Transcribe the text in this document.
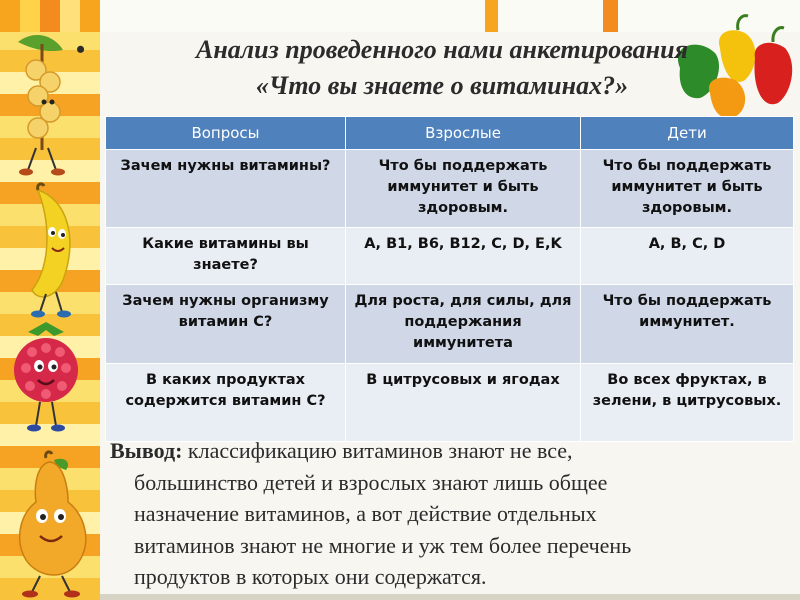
•	Анализ проведенного нами анкетирования
«Что вы знаете о витаминах?»
Вопросы	Взрослые	Дети
Зачем нужны витамины?	Что бы поддержать иммунитет и быть здоровым.	Что бы поддержать иммунитет и быть здоровым.
Какие витамины вы знаете?	А, В1, В6, В12, С, D, E,K	А, В, С, D
Зачем нужны организму витамин С?	Для роста, для силы, для поддержания иммунитета	Что бы поддержать иммунитет.
В каких продуктах содержится витамин С?	В цитрусовых и ягодах	Во всех фруктах, в зелени, в цитрусовых.

Вывод: классификацию витаминов знают не все,
большинство детей и взрослых знают лишь общее
назначение витаминов, а вот действие отдельных
витаминов знают не многие и уж тем более перечень
продуктов в которых они содержатся.
